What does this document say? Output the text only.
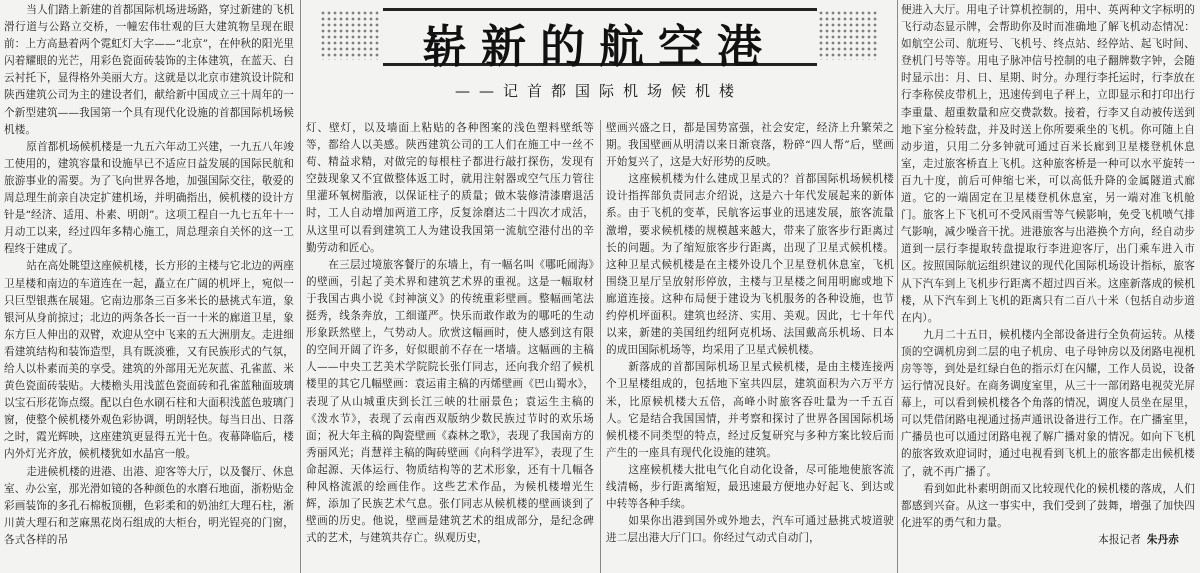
当人们踏上新建的首都国际机场进场路，穿过新建的飞机滑行道与公路立交桥，一幢宏伟壮观的巨大建筑物呈现在眼前：上方高悬着两个霓虹灯大字——“北京”，在仲秋的阳光里闪着耀眼的光芒，用彩色瓷面砖装饰的主体建筑，在蓝天、白云衬托下，显得格外美丽大方。这就是以北京市建筑设计院和陕西建筑公司为主的建设者们，献给新中国成立三十周年的一个新型建筑——我国第一个具有现代化设施的首都国际机场候机楼。

原首都机场候机楼是一九五六年动工兴建，一九五八年竣工使用的，建筑容量和设施早已不适应日益发展的国际民航和旅游事业的需要。为了飞向世界各地，加强国际交往，敬爱的周总理生前亲自决定扩建机场，并明确指出，候机楼的设计方针是“经济、适用、朴素、明朗”。这项工程自一九七五年十一月动工以来，经过四年多精心施工，周总理亲自关怀的这一工程终于建成了。

站在高处眺望这座候机楼，长方形的主楼与它北边的两座卫星楼和南边的车道连在一起，矗立在广阔的机坪上，宛似一只巨型银燕在展翅。它南边那条三百多米长的悬挑式车道，象银河从身前掠过；北边的两条各长一百一十米的廊道卫星，象东方巨人伸出的双臂，欢迎从空中飞来的五大洲朋友。走进细看建筑结构和装饰造型，具有既淡雅，又有民族形式的气氛，给人以朴素而美的享受。建筑的外部用无光灰蓝、孔雀蓝、米黄色瓷面砖装贴。大楼檐头用浅蓝色瓷面砖和孔雀蓝釉面玻璃以宝石形花饰点缀。配以白色水刷石柱和大面积浅蓝色玻璃门窗，使整个候机楼外观色彩协调，明朗轻快。每当日出、日落之时，霞光辉映，这座建筑更显得五光十色。夜幕降临后，楼内外灯光齐放，候机楼犹如水晶宫一般。

走进候机楼的进港、出港、迎客等大厅，以及餐厅、休息室、办公室，那光滑如镜的各种颜色的水磨石地面，浙粉贴金彩画装饰的多孔石棉板顶棚，色彩柔和的奶油红大理石柱，淅川黄大理石和芝麻黑花岗石组成的大柜台，明光锃亮的门窗，各式各样的吊

崭新的航空港
——记首都国际机场候机楼

灯、壁灯，以及墙面上粘贴的各种图案的浅色塑料壁纸等等，都给人以美感。陕西建筑公司的工人们在施工中一丝不苟、精益求精，对做完的每根柱子都进行敲打探伤，发现有空鼓现象又不宜做整体返工时，就用注射器或空气压力管往里灌环氧树脂液，以保证柱子的质量；做木装修清漆磨退活时，工人自动增加两道工序，反复涂磨达二十四次才成活，从这里可以看到建筑工人为建设我国第一流航空港付出的辛勤劳动和匠心。

在三层过境旅客餐厅的东墙上，有一幅名叫《哪吒闹海》的壁画，引起了美术界和建筑艺术界的重视。这是一幅取材于我国古典小说《封神演义》的传统重彩壁画。整幅画笔法挺秀，线条奔放，工细谨严。快乐而敢作敢为的哪吒的生动形象跃然壁上，气势动人。欣赏这幅画时，使人感到这有限的空间开阔了许多，好似眼前不存在一堵墙。这幅画的主稿人——中央工艺美术学院院长张仃同志，还向我介绍了候机楼里的其它几幅壁画：袁运甫主稿的丙烯壁画《巴山蜀水》，表现了从山城重庆到长江三峡的壮丽景色；袁运生主稿的《泼水节》，表现了云南西双版纳少数民族过节时的欢乐场面；祝大年主稿的陶瓷壁画《森林之歌》，表现了我国南方的秀丽风光；肖慧祥主稿的陶砖壁画《向科学进军》，表现了生命起源、天体运行、物质结构等的艺术形象，还有十几幅各种风格流派的绘画佳作。这些艺术作品，为候机楼增光生辉，添加了民族艺术气息。张仃同志从候机楼的壁画谈到了壁画的历史。他说，壁画是建筑艺术的组成部分，是纪念碑式的艺术，与建筑共存亡。纵观历史，

壁画兴盛之日，都是国势富强，社会安定，经济上升繁荣之期。我国壁画从明清以来日渐衰落，粉碎“四人帮”后，壁画开始复兴了，这是大好形势的反映。

这座候机楼为什么建成卫星式的？首都国际机场候机楼设计指挥部负责同志介绍说，这是六十年代发展起来的新体系。由于飞机的变革，民航客运事业的迅速发展，旅客流量激增，要求候机楼的规模越来越大，带来了旅客步行距离过长的问题。为了缩短旅客步行距离，出现了卫星式候机楼。这种卫星式候机楼是在主楼外设几个卫星登机休息室，飞机围绕卫星厅呈放射形停放，主楼与卫星楼之间用明廊或地下廊道连接。这种布局便于建设为飞机服务的各种设施，也节约停机坪面积。建筑也经济、实用、美观。因此，七十年代以来，新建的美国纽约纽阿克机场、法国戴高乐机场、日本的成田国际机场等，均采用了卫星式候机楼。

新落成的首都国际机场卫星式候机楼，是由主楼连接两个卫星楼组成的，包括地下室共四层，建筑面积为六万平方米，比原候机楼大五倍，高峰小时旅客吞吐量为一千五百人。它是结合我国国情，并考察和探讨了世界各国国际机场候机楼不同类型的特点，经过反复研究与多种方案比较后而产生的一座具有现代化设施的建筑。

这座候机楼大批电气化自动化设备，尽可能地使旅客流线清畅，步行距离缩短，最迅速最方便地办好起飞、到达或中转等各种手续。

如果你出港到国外或外地去，汽车可通过悬挑式坡道驶进二层出港大厅门口。你经过气动式自动门，

便进入大厅。用电子计算机控制的，用中、英两种文字标明的飞行动态显示牌，会帮助你及时而准确地了解飞机动态情况：如航空公司、航班号、飞机号、终点站、经停站、起飞时间、登机门号等等。用电子脉冲信号控制的电子翻牌数字钟，会随时显示出：月、日、星期、时分。办理行李托运时，行李放在行李称侯皮带机上，迅速传到电子秤上，立即显示和打印出行李重量、超重数量和应交费款数。接着，行李又自动被传送到地下室分检转盘，并及时送上你所要乘坐的飞机。你可随上自动步道，只用二分多钟就可通过百米长廊到卫星楼登机休息室，走过旅客桥直上飞机。这种旅客桥是一种可以水平旋转一百九十度，前后可伸缩七米，可以高低升降的金属隧道式廊道。它的一端固定在卫星楼登机休息室，另一端对准飞机舱门。旅客上下飞机可不受风雨雪等气候影响，免受飞机喷气排气影响，减少噪音干扰。进港旅客与出港换个方向，经自动步道到一层行李提取转盘提取行李进迎客厅，出门乘车进入市区。按照国际航运组织建议的现代化国际机场设计指标，旅客从下汽车到上飞机步行距离不超过四百米。这座新落成的候机楼，从下汽车到上飞机的距离只有二百八十米（包括自动步道在内）。

九月二十五日，候机楼内全部设备进行全负荷运转。从楼顶的空调机房到二层的电子机房、电子母钟房以及闭路电视机房等等，到处是红绿白色的指示灯在闪耀，工作人员说，设备运行情况良好。在商务调度室里，从三十一部闭路电视荧光屏幕上，可以看到候机楼各个角落的情况，调度人员坐在屋里，可以凭借闭路电视通过扬声通讯设备进行工作。在广播室里，广播员也可以通过闭路电视了解广播对象的情况。如向下飞机的旅客致欢迎词时，通过电视看到飞机上的旅客都走出候机楼了，就不再广播了。

看到如此朴素明朗而又比较现代化的候机楼的落成，人们都感到兴奋。从这一事实中，我们受到了鼓舞，增强了加快四化进军的勇气和力量。

本报记者 朱丹赤
